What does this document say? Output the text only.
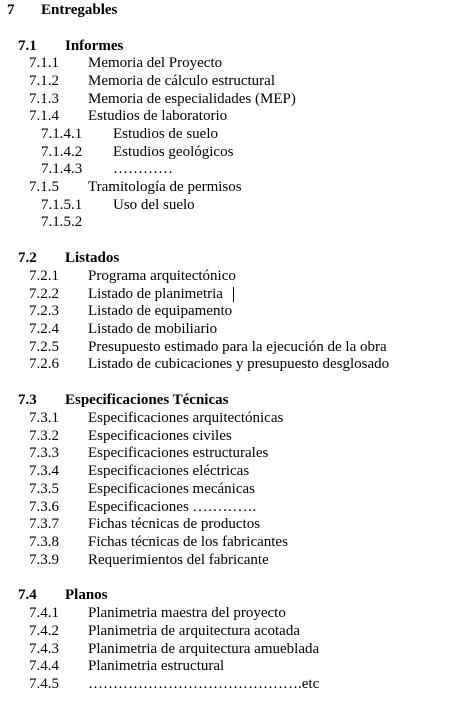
7 Entregables
7.1 Informes
7.1.1 Memoria del Proyecto
7.1.2 Memoria de cálculo estructural
7.1.3 Memoria de especialidades (MEP)
7.1.4 Estudios de laboratorio
7.1.4.1 Estudios de suelo
7.1.4.2 Estudios geológicos
7.1.4.3 …………
7.1.5 Tramitología de permisos
7.1.5.1 Uso del suelo
7.1.5.2
7.2 Listados
7.2.1 Programa arquitectónico
7.2.2 Listado de planimetria
7.2.3 Listado de equipamento
7.2.4 Listado de mobiliario
7.2.5 Presupuesto estimado para la ejecución de la obra
7.2.6 Listado de cubicaciones y presupuesto desglosado
7.3 Especificaciones Técnicas
7.3.1 Especificaciones arquitectónicas
7.3.2 Especificaciones civiles
7.3.3 Especificaciones estructurales
7.3.4 Especificaciones eléctricas
7.3.5 Especificaciones mecánicas
7.3.6 Especificaciones ………….
7.3.7 Fichas técnicas de productos
7.3.8 Fichas técnicas de los fabricantes
7.3.9 Requerimientos del fabricante
7.4 Planos
7.4.1 Planimetria maestra del proyecto
7.4.2 Planimetria de arquitectura acotada
7.4.3 Planimetria de arquitectura amueblada
7.4.4 Planimetria estructural
7.4.5 …………………………………….etc
